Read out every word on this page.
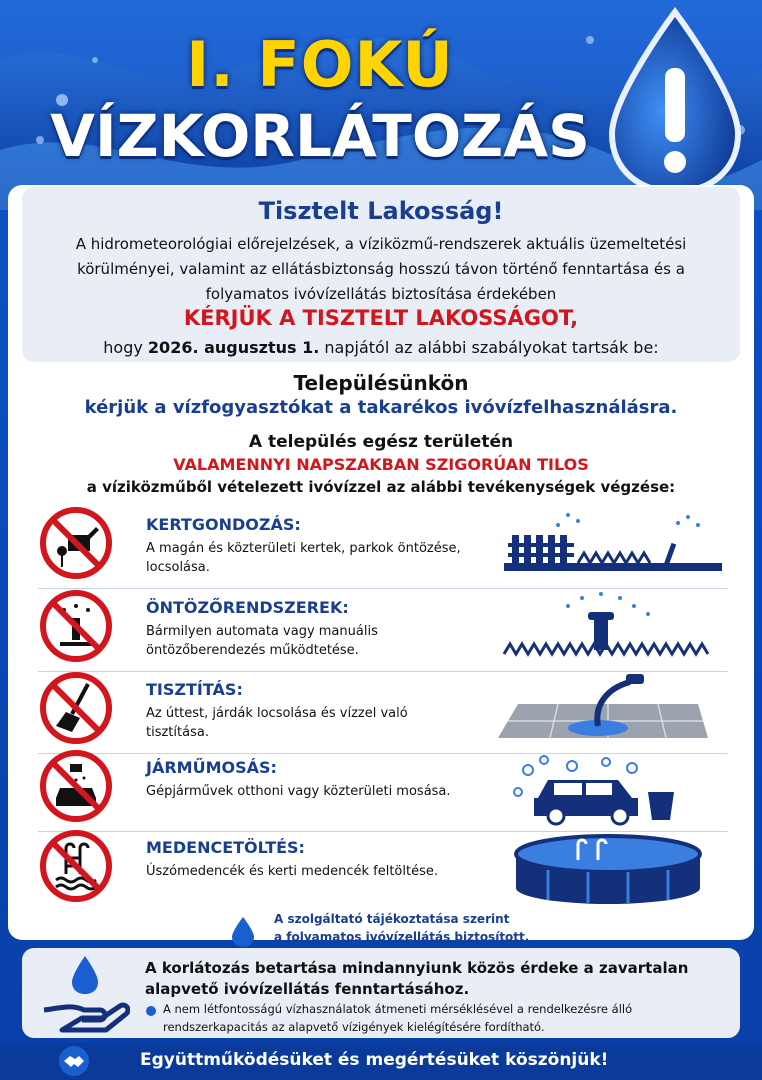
I. FOKÚ
VÍZKORLÁTOZÁS
Tisztelt Lakosság!
A hidrometeorológiai előrejelzések, a víziközmű-rendszerek aktuális üzemeltetési körülményei, valamint az ellátásbiztonság hosszú távon történő fenntartása és a folyamatos ivóvízellátás biztosítása érdekében
KÉRJÜK A TISZTELT LAKOSSÁGOT,
hogy 2026. augusztus 1. napjától az alábbi szabályokat tartsák be:
Településünkön
kérjük a vízfogyasztókat a takarékos ivóvízfelhasználásra.
A település egész területén
VALAMENNYI NAPSZAKBAN SZIGORÚAN TILOS
a víziközműből vételezett ivóvízzel az alábbi tevékenységek végzése:
KERTGONDOZÁS:
A magán és közterületi kertek, parkok öntözése, locsolása.
ÖNTÖZŐRENDSZEREK:
Bármilyen automata vagy manuális öntözőberendezés működtetése.
TISZTÍTÁS:
Az úttest, járdák locsolása és vízzel való tisztítása.
JÁRMŰMOSÁS:
Gépjárművek otthoni vagy közterületi mosása.
MEDENCETÖLTÉS:
Úszómedencék és kerti medencék feltöltése.
A szolgáltató tájékoztatása szerint
a folyamatos ivóvízellátás biztosított.
A korlátozás betartása mindannyiunk közös érdeke a zavartalan alapvető ivóvízellátás fenntartásához.
A nem létfontosságú vízhasználatok átmeneti mérséklésével a rendelkezésre álló rendszerkapacitás az alapvető vízigények kielégítésére fordítható.
Együttműködésüket és megértésüket köszönjük!
